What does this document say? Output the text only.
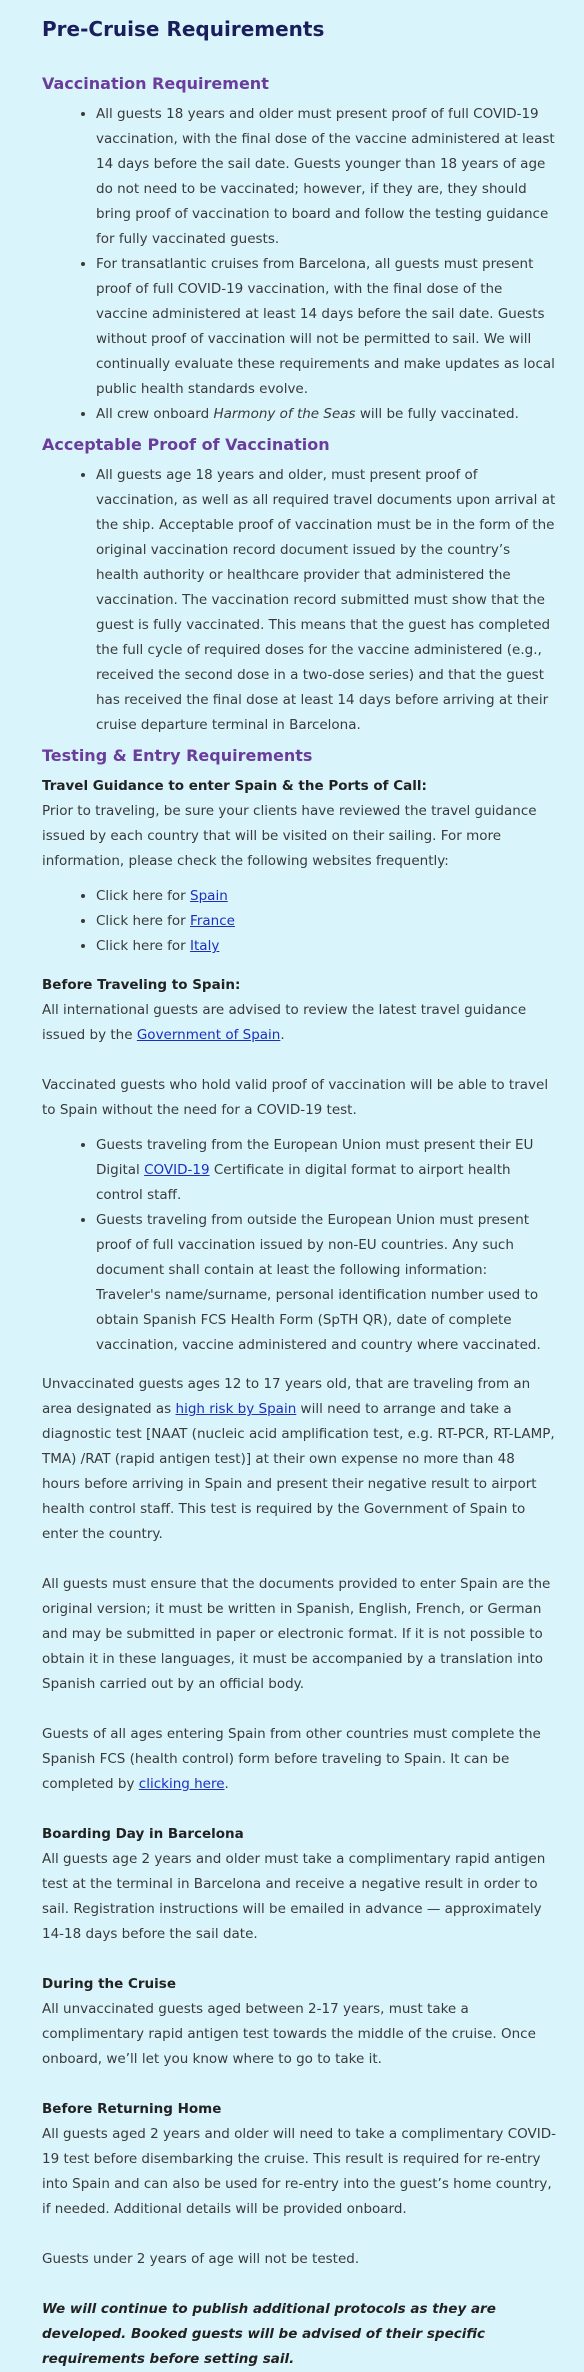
Pre-Cruise Requirements
Vaccination Requirement
• All guests 18 years and older must present proof of full COVID-19 vaccination, with the final dose of the vaccine administered at least 14 days before the sail date. Guests younger than 18 years of age do not need to be vaccinated; however, if they are, they should bring proof of vaccination to board and follow the testing guidance for fully vaccinated guests.
• For transatlantic cruises from Barcelona, all guests must present proof of full COVID-19 vaccination, with the final dose of the vaccine administered at least 14 days before the sail date. Guests without proof of vaccination will not be permitted to sail. We will continually evaluate these requirements and make updates as local public health standards evolve.
• All crew onboard Harmony of the Seas will be fully vaccinated.
Acceptable Proof of Vaccination
• All guests age 18 years and older, must present proof of vaccination, as well as all required travel documents upon arrival at the ship. Acceptable proof of vaccination must be in the form of the original vaccination record document issued by the country’s health authority or healthcare provider that administered the vaccination. The vaccination record submitted must show that the guest is fully vaccinated. This means that the guest has completed the full cycle of required doses for the vaccine administered (e.g., received the second dose in a two-dose series) and that the guest has received the final dose at least 14 days before arriving at their cruise departure terminal in Barcelona.
Testing & Entry Requirements
Travel Guidance to enter Spain & the Ports of Call:

Prior to traveling, be sure your clients have reviewed the travel guidance issued by each country that will be visited on their sailing. For more information, please check the following websites frequently:

• Click here for Spain
• Click here for France
• Click here for Italy
Before Traveling to Spain:

All international guests are advised to review the latest travel guidance issued by the Government of Spain.

Vaccinated guests who hold valid proof of vaccination will be able to travel to Spain without the need for a COVID-19 test.

• Guests traveling from the European Union must present their EU Digital COVID-19 Certificate in digital format to airport health control staff.
• Guests traveling from outside the European Union must present proof of full vaccination issued by non-EU countries. Any such document shall contain at least the following information: Traveler's name/surname, personal identification number used to obtain Spanish FCS Health Form (SpTH QR), date of complete vaccination, vaccine administered and country where vaccinated.

Unvaccinated guests ages 12 to 17 years old, that are traveling from an area designated as high risk by Spain will need to arrange and take a diagnostic test [NAAT (nucleic acid amplification test, e.g. RT-PCR, RT-LAMP, TMA) /RAT (rapid antigen test)] at their own expense no more than 48 hours before arriving in Spain and present their negative result to airport health control staff. This test is required by the Government of Spain to enter the country.

All guests must ensure that the documents provided to enter Spain are the original version; it must be written in Spanish, English, French, or German and may be submitted in paper or electronic format. If it is not possible to obtain it in these languages, it must be accompanied by a translation into Spanish carried out by an official body.

Guests of all ages entering Spain from other countries must complete the Spanish FCS (health control) form before traveling to Spain. It can be completed by clicking here.

Boarding Day in Barcelona

All guests age 2 years and older must take a complimentary rapid antigen test at the terminal in Barcelona and receive a negative result in order to sail. Registration instructions will be emailed in advance — approximately 14-18 days before the sail date.

During the Cruise

All unvaccinated guests aged between 2-17 years, must take a complimentary rapid antigen test towards the middle of the cruise. Once onboard, we’ll let you know where to go to take it.

Before Returning Home

All guests aged 2 years and older will need to take a complimentary COVID-19 test before disembarking the cruise. This result is required for re-entry into Spain and can also be used for re-entry into the guest’s home country, if needed. Additional details will be provided onboard.

Guests under 2 years of age will not be tested.

We will continue to publish additional protocols as they are developed. Booked guests will be advised of their specific requirements before setting sail.
